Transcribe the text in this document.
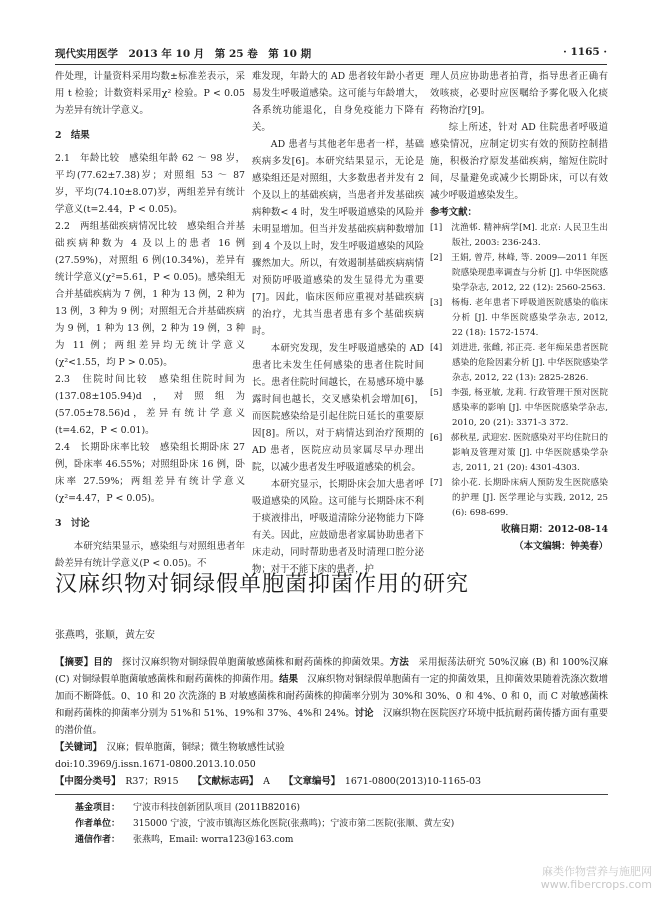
现代实用医学　2013 年 10 月　第 25 卷　第 10 期	· 1165 ·

件处理，计量资料采用均数±标准差表示，采用 t 检验；计数资料采用χ² 检验。P < 0.05 为差异有统计学意义。

2　结果

2.1　年龄比较　感染组年龄 62 ～ 98 岁，平均(77.62±7.38)岁；对照组 53 ～ 87 岁，平均(74.10±8.07)岁，两组差异有统计学意义(t=2.44，P < 0.05)。

2.2　两组基础疾病情况比较　感染组合并基础疾病种数为 4 及以上的患者 16 例(27.59%)，对照组 6 例(10.34%)，差异有统计学意义(χ²=5.61，P < 0.05)。感染组无合并基础疾病为 7 例，1 种为 13 例，2 种为 13 例，3 种为 9 例；对照组无合并基础疾病为 9 例，1 种为 13 例，2 种为 19 例，3 种为 11 例；两组差异均无统计学意义(χ²<1.55，均 P > 0.05)。

2.3　住院时间比较　感染组住院时间为(137.08±105.94)d，对照组为(57.05±78.56)d，差异有统计学意义(t=4.62，P < 0.01)。

2.4　长期卧床率比较　感染组长期卧床 27 例，卧床率 46.55%；对照组卧床 16 例，卧床率 27.59%；两组差异有统计学意义(χ²=4.47，P < 0.05)。

3　讨论

本研究结果显示，感染组与对照组患者年龄差异有统计学意义(P < 0.05)。不

难发现，年龄大的 AD 患者较年龄小者更易发生呼吸道感染。这可能与年龄增大，各系统功能退化，自身免疫能力下降有关。

AD 患者与其他老年患者一样，基础疾病多发[6]。本研究结果显示，无论是感染组还是对照组，大多数患者并发有 2 个及以上的基础疾病，当患者并发基础疾病种数< 4 时，发生呼吸道感染的风险并未明显增加。但当并发基础疾病种数增加到 4 个及以上时，发生呼吸道感染的风险骤然加大。所以，有效遏制基础疾病病情对预防呼吸道感染的发生显得尤为重要[7]。因此，临床医师应重视对基础疾病的治疗，尤其当患者患有多个基础疾病时。

本研究发现，发生呼吸道感染的 AD 患者比未发生任何感染的患者住院时间长。患者住院时间越长，在易感环境中暴露时间也越长，交叉感染机会增加[6]，而医院感染给是引起住院日延长的重要原因[8]。所以，对于病情达到治疗预期的 AD 患者，医院应动员家属尽早办理出院，以减少患者发生呼吸道感染的机会。

本研究显示，长期卧床会加大患者呼吸道感染的风险。这可能与长期卧床不利于痰液排出，呼吸道清除分泌物能力下降有关。因此，应鼓励患者家属协助患者下床走动，同时帮助患者及时清理口腔分泌物；对于不能下床的患者，护

理人员应协助患者拍背，指导患者正确有效咳痰，必要时应医嘱给予雾化吸入化痰药物治疗[9]。

综上所述，针对 AD 住院患者呼吸道感染情况，应制定切实有效的预防控制措施，积极治疗原发基础疾病，缩短住院时间，尽量避免或减少长期卧床，可以有效减少呼吸道感染发生。

参考文献：

[1]　沈渔邨. 精神病学[M]. 北京: 人民卫生出版社, 2003: 236-243.

[2]　王娟, 曾芹, 林峰, 等. 2009—2011 年医院感染现患率调查与分析 [J]. 中华医院感染学杂志, 2012, 22 (12): 2560-2563.

[3]　杨梅. 老年患者下呼吸道医院感染的临床分析 [J]. 中华医院感染学杂志, 2012, 22 (18): 1572-1574.

[4]　刘进进, 张雌, 祁正亮. 老年痴呆患者医院感染的危险因素分析 [J]. 中华医院感染学杂志, 2012, 22 (13): 2825-2826.

[5]　李强, 杨亚敏, 龙莉. 行政管理干预对医院感染率的影响 [J]. 中华医院感染学杂志, 2010, 20 (21): 3371-3 372.

[6]　郝秋星, 武迎宏. 医院感染对平均住院日的影响及管理对策 [J]. 中华医院感染学杂志, 2011, 21 (20): 4301-4303.

[7]　徐小花. 长期卧床病人预防发生医院感染的护理 [J]. 医学理论与实践, 2012, 25 (6): 698-699.

收稿日期：2012-08-14

（本文编辑：钟美春）

汉麻织物对铜绿假单胞菌抑菌作用的研究
张燕鸣，张顺，黄左安

【摘要】目的　 探讨汉麻织物对铜绿假单胞菌敏感菌株和耐药菌株的抑菌效果。方法　 采用振荡法研究 50%汉麻 (B) 和 100%汉麻 (C) 对铜绿假单胞菌敏感菌株和耐药菌株的抑菌作用。结果　 汉麻织物对铜绿假单胞菌有一定的抑菌效果，且抑菌效果随着洗涤次数增加而不断降低。0、10 和 20 次洗涤的 B 对敏感菌株和耐药菌株的抑菌率分别为 30%和 30%、0 和 4%、0 和 0，而 C 对敏感菌株和耐药菌株的抑菌率分别为 51%和 51%、19%和 37%、4%和 24%。讨论　 汉麻织物在医院医疗环境中抵抗耐药菌传播方面有重要的潜价值。

【关键词】　 汉麻；假单胞菌，铜绿；微生物敏感性试验

doi:10.3969/j.issn.1671-0800.2013.10.050

【中图分类号】　 R37；R915　　 【文献标志码】　 A　　 【文章编号】　 1671-0800(2013)10-1165-03

基金项目：	宁波市科技创新团队项目 (2011B82016)
作者单位：	315000 宁波，宁波市镇海区炼化医院(张燕鸣)；宁波市第二医院(张顺、黄左安)
通信作者：	张燕鸣，Email: worra123@163.com
麻类作物营养与施肥网
www.fibercrops.com
